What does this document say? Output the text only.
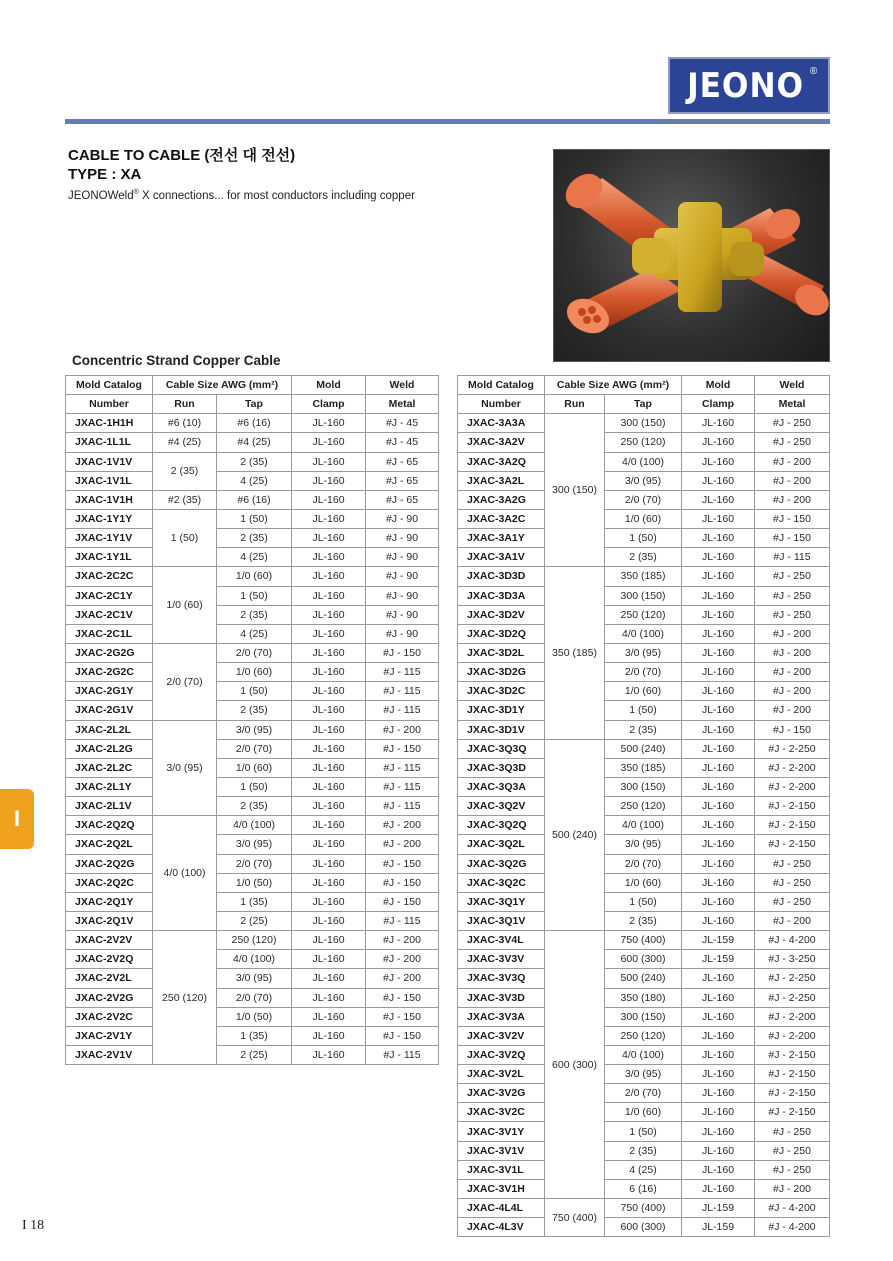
JEONO ®
CABLE TO CABLE (전선 대 전선)
TYPE : XA
JEONOWeld® X connections... for most conductors including copper
Concentric Strand Copper Cable
Mold Catalog	Cable Size AWG (mm²)		Mold	Weld
Number	Run	Tap	Clamp	Metal
JXAC-1H1H	#6 (10)	#6 (16)	JL-160	#J - 45
JXAC-1L1L	#4 (25)	#4 (25)	JL-160	#J - 45
JXAC-1V1V	2 (35)	2 (35)	JL-160	#J - 65
JXAC-1V1L		4 (25)	JL-160	#J - 65
JXAC-1V1H	#2 (35)	#6 (16)	JL-160	#J - 65
JXAC-1Y1Y	1 (50)	1 (50)	JL-160	#J - 90
JXAC-1Y1V		2 (35)	JL-160	#J - 90
JXAC-1Y1L		4 (25)	JL-160	#J - 90
JXAC-2C2C	1/0 (60)	1/0 (60)	JL-160	#J - 90
JXAC-2C1Y		1 (50)	JL-160	#J - 90
JXAC-2C1V		2 (35)	JL-160	#J - 90
JXAC-2C1L		4 (25)	JL-160	#J - 90
JXAC-2G2G	2/0 (70)	2/0 (70)	JL-160	#J - 150
JXAC-2G2C		1/0 (60)	JL-160	#J - 115
JXAC-2G1Y		1 (50)	JL-160	#J - 115
JXAC-2G1V		2 (35)	JL-160	#J - 115
JXAC-2L2L	3/0 (95)	3/0 (95)	JL-160	#J - 200
JXAC-2L2G		2/0 (70)	JL-160	#J - 150
JXAC-2L2C		1/0 (60)	JL-160	#J - 115
JXAC-2L1Y		1 (50)	JL-160	#J - 115
JXAC-2L1V		2 (35)	JL-160	#J - 115
JXAC-2Q2Q	4/0 (100)	4/0 (100)	JL-160	#J - 200
JXAC-2Q2L		3/0 (95)	JL-160	#J - 200
JXAC-2Q2G		2/0 (70)	JL-160	#J - 150
JXAC-2Q2C		1/0 (50)	JL-160	#J - 150
JXAC-2Q1Y		1 (35)	JL-160	#J - 150
JXAC-2Q1V		2 (25)	JL-160	#J - 115
JXAC-2V2V	250 (120)	250 (120)	JL-160	#J - 200
JXAC-2V2Q		4/0 (100)	JL-160	#J - 200
JXAC-2V2L		3/0 (95)	JL-160	#J - 200
JXAC-2V2G		2/0 (70)	JL-160	#J - 150
JXAC-2V2C		1/0 (50)	JL-160	#J - 150
JXAC-2V1Y		1 (35)	JL-160	#J - 150
JXAC-2V1V		2 (25)	JL-160	#J - 115
Mold Catalog	Cable Size AWG (mm²)		Mold	Weld
Number	Run	Tap	Clamp	Metal
JXAC-3A3A	300 (150)	300 (150)	JL-160	#J - 250
JXAC-3A2V		250 (120)	JL-160	#J - 250
JXAC-3A2Q		4/0 (100)	JL-160	#J - 200
JXAC-3A2L		3/0 (95)	JL-160	#J - 200
JXAC-3A2G		2/0 (70)	JL-160	#J - 200
JXAC-3A2C		1/0 (60)	JL-160	#J - 150
JXAC-3A1Y		1 (50)	JL-160	#J - 150
JXAC-3A1V		2 (35)	JL-160	#J - 115
JXAC-3D3D	350 (185)	350 (185)	JL-160	#J - 250
JXAC-3D3A		300 (150)	JL-160	#J - 250
JXAC-3D2V		250 (120)	JL-160	#J - 250
JXAC-3D2Q		4/0 (100)	JL-160	#J - 200
JXAC-3D2L		3/0 (95)	JL-160	#J - 200
JXAC-3D2G		2/0 (70)	JL-160	#J - 200
JXAC-3D2C		1/0 (60)	JL-160	#J - 200
JXAC-3D1Y		1 (50)	JL-160	#J - 200
JXAC-3D1V		2 (35)	JL-160	#J - 150
JXAC-3Q3Q	500 (240)	500 (240)	JL-160	#J - 2-250
JXAC-3Q3D		350 (185)	JL-160	#J - 2-200
JXAC-3Q3A		300 (150)	JL-160	#J - 2-200
JXAC-3Q2V		250 (120)	JL-160	#J - 2-150
JXAC-3Q2Q		4/0 (100)	JL-160	#J - 2-150
JXAC-3Q2L		3/0 (95)	JL-160	#J - 2-150
JXAC-3Q2G		2/0 (70)	JL-160	#J - 250
JXAC-3Q2C		1/0 (60)	JL-160	#J - 250
JXAC-3Q1Y		1 (50)	JL-160	#J - 250
JXAC-3Q1V		2 (35)	JL-160	#J - 200
JXAC-3V4L	600 (300)	750 (400)	JL-159	#J - 4-200
JXAC-3V3V		600 (300)	JL-159	#J - 3-250
JXAC-3V3Q		500 (240)	JL-160	#J - 2-250
JXAC-3V3D		350 (180)	JL-160	#J - 2-250
JXAC-3V3A		300 (150)	JL-160	#J - 2-200
JXAC-3V2V		250 (120)	JL-160	#J - 2-200
JXAC-3V2Q		4/0 (100)	JL-160	#J - 2-150
JXAC-3V2L		3/0 (95)	JL-160	#J - 2-150
JXAC-3V2G		2/0 (70)	JL-160	#J - 2-150
JXAC-3V2C		1/0 (60)	JL-160	#J - 2-150
JXAC-3V1Y		1 (50)	JL-160	#J - 250
JXAC-3V1V		2 (35)	JL-160	#J - 250
JXAC-3V1L		4 (25)	JL-160	#J - 250
JXAC-3V1H		6 (16)	JL-160	#J - 200
JXAC-4L4L	750 (400)	750 (400)	JL-159	#J - 4-200
JXAC-4L3V		600 (300)	JL-159	#J - 4-200
I
I 18
